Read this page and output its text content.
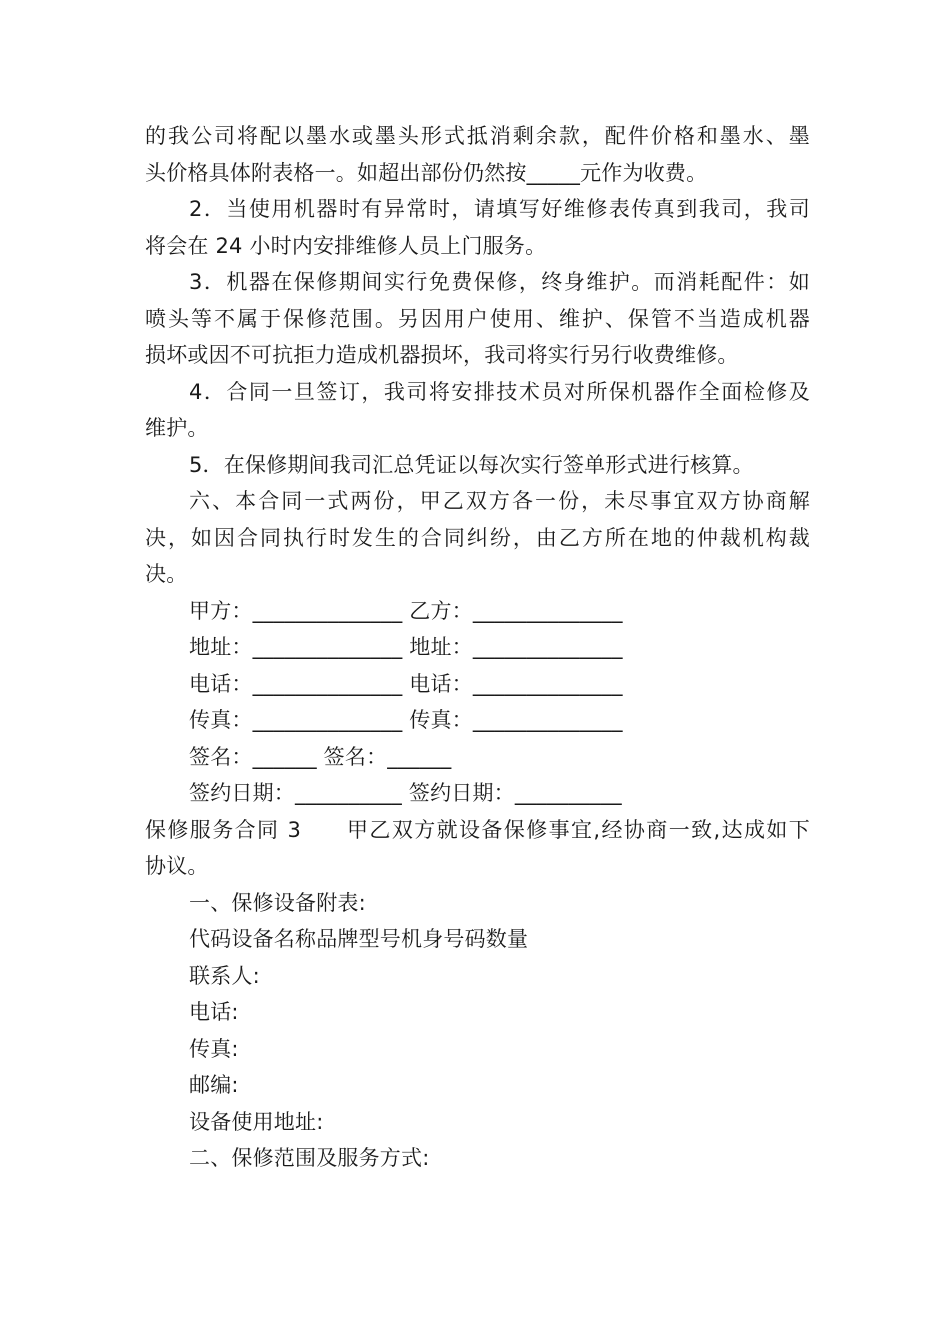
的我公司将配以墨水或墨头形式抵消剩余款，配件价格和墨水、墨
头价格具体附表格一。如超出部份仍然按_____元作为收费。
2．当使用机器时有异常时，请填写好维修表传真到我司，我司
将会在 24 小时内安排维修人员上门服务。
3．机器在保修期间实行免费保修，终身维护。而消耗配件：如
喷头等不属于保修范围。另因用户使用、维护、保管不当造成机器
损坏或因不可抗拒力造成机器损坏，我司将实行另行收费维修。
4．合同一旦签订，我司将安排技术员对所保机器作全面检修及
维护。
5．在保修期间我司汇总凭证以每次实行签单形式进行核算。
六、本合同一式两份，甲乙双方各一份，未尽事宜双方协商解
决，如因合同执行时发生的合同纠纷，由乙方所在地的仲裁机构裁
决。
甲方：______________ 乙方：______________
地址：______________ 地址：______________
电话：______________ 电话：______________
传真：______________ 传真：______________
签名：______ 签名：______
签约日期：__________ 签约日期：__________
保修服务合同 3　　甲乙双方就设备保修事宜,经协商一致,达成如下
协议。
一、保修设备附表:
代码设备名称品牌型号机身号码数量
联系人:
电话:
传真:
邮编:
设备使用地址:
二、保修范围及服务方式:
